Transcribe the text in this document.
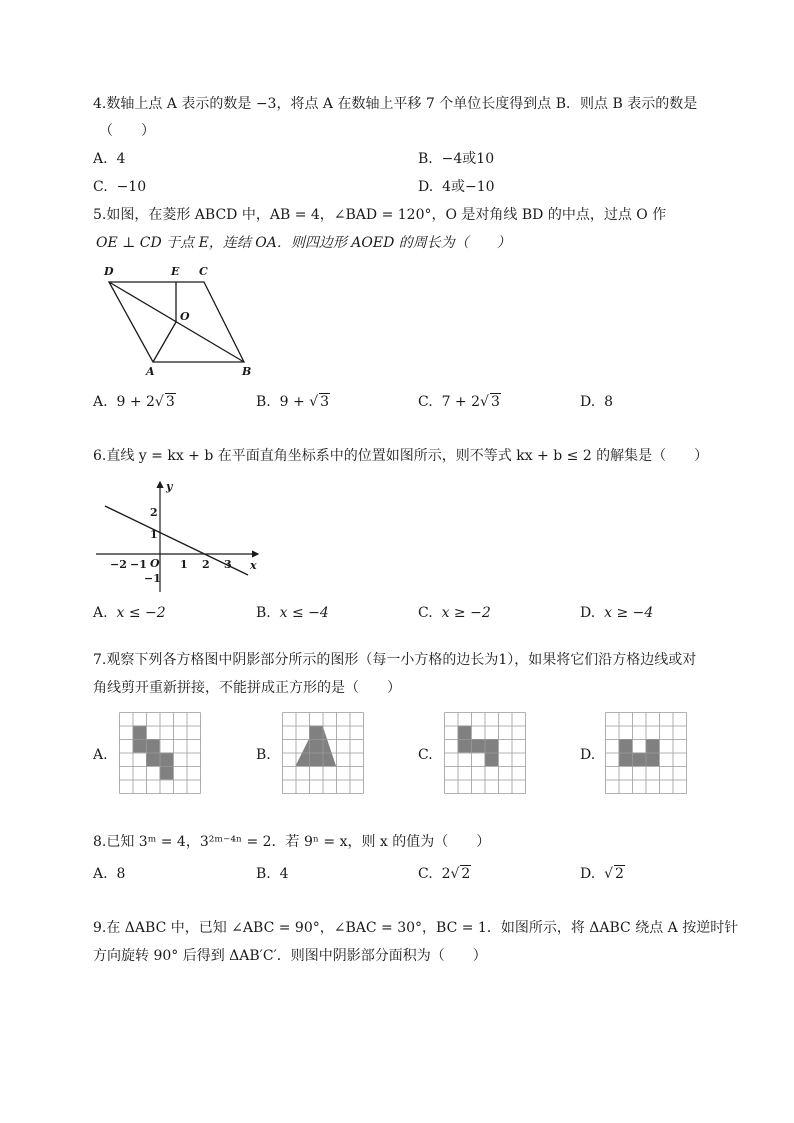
4.数轴上点 A 表示的数是 −3，将点 A 在数轴上平移 7 个单位长度得到点 B．则点 B 表示的数是
（　　）
A. 4	B. −4或10
C. −10	D. 4或−10
5.如图，在菱形 ABCD 中，AB = 4，∠BAD = 120°，O 是对角线 BD 的中点，过点 O 作
OE ⊥ CD 于点 E，连结 OA．则四边形 AOED 的周长为（　　）
D	E C
O
A	B
A. 9 + 2√ 3	B. 9 + √ 3	C. 7 + 2√ 3	D. 8
6.直线 y = kx + b 在平面直角坐标系中的位置如图所示，则不等式 kx + b ≤ 2 的解集是（　　）
y
x
O
−2 −1	1 2 3
2
1
−1
A. x ≤ −2	B. x ≤ −4	C. x ≥ −2	D. x ≥ −4
7.观察下列各方格图中阴影部分所示的图形（每一小方格的边长为1），如果将它们沿方格边线或对
角线剪开重新拼接，不能拼成正方形的是（　　）
A.	B.	C.	D.
8.已知 3ᵐ = 4，3²ᵐ⁻⁴ⁿ = 2．若 9ⁿ = x，则 x 的值为（　　）
A. 8	B. 4	C. 2√ 2	D. √ 2
9.在 ΔABC 中，已知 ∠ABC = 90°，∠BAC = 30°，BC = 1．如图所示，将 ΔABC 绕点 A 按逆时针
方向旋转 90° 后得到 ΔAB′C′．则图中阴影部分面积为（　　）
